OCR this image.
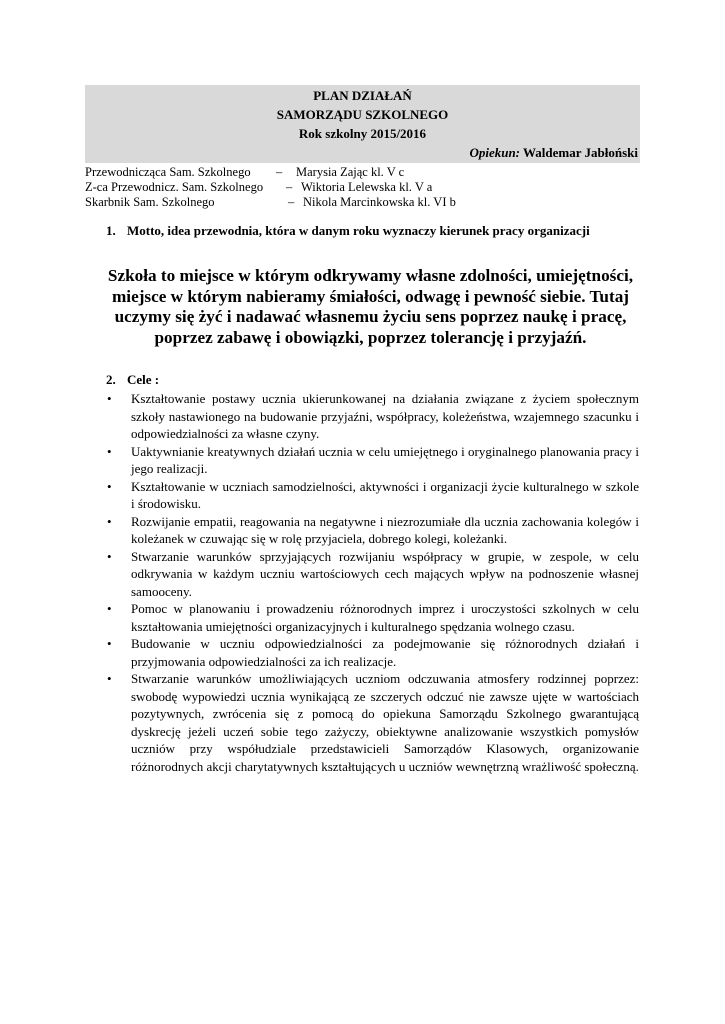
PLAN DZIAŁAŃ

SAMORZĄDU SZKOLNEGO

Rok szkolny 2015/2016

Opiekun: Waldemar Jabłoński
Przewodnicząca Sam. Szkolnego – Marysia Zając kl. V c
Z-ca Przewodnicz. Sam. Szkolnego – Wiktoria Lelewska kl. V a
Skarbnik Sam. Szkolnego	– Nikola Marcinkowska kl. VI b
1. Motto, idea przewodnia, która w danym roku wyznaczy kierunek pracy organizacji
Szkoła to miejsce w którym odkrywamy własne zdolności, umiejętności, miejsce w którym nabieramy śmiałości, odwagę i pewność siebie. Tutaj uczymy się żyć i nadawać własnemu życiu sens poprzez naukę i pracę, poprzez zabawę i obowiązki, poprzez tolerancję i przyjaźń.
2. Cele :
• Kształtowanie postawy ucznia ukierunkowanej na działania związane z życiem społecznym szkoły nastawionego na budowanie przyjaźni, współpracy, koleżeństwa, wzajemnego szacunku i odpowiedzialności za własne czyny.
• Uaktywnianie kreatywnych działań ucznia w celu umiejętnego i oryginalnego planowania pracy i jego realizacji.
• Kształtowanie w uczniach samodzielności, aktywności i organizacji życie kulturalnego w szkole i środowisku.
• Rozwijanie empatii, reagowania na negatywne i niezrozumiałe dla ucznia zachowania kolegów i koleżanek w czuwając się w rolę przyjaciela, dobrego kolegi, koleżanki.
• Stwarzanie warunków sprzyjających rozwijaniu współpracy w grupie, w zespole, w celu odkrywania w każdym uczniu wartościowych cech mających wpływ na podnoszenie własnej samooceny.
• Pomoc w planowaniu i prowadzeniu różnorodnych imprez i uroczystości szkolnych w celu kształtowania umiejętności organizacyjnych i kulturalnego spędzania wolnego czasu.
• Budowanie w uczniu odpowiedzialności za podejmowanie się różnorodnych działań i przyjmowania odpowiedzialności za ich realizacje.
• Stwarzanie warunków umożliwiających uczniom odczuwania atmosfery rodzinnej poprzez: swobodę wypowiedzi ucznia wynikającą ze szczerych odczuć nie zawsze ujęte w wartościach pozytywnych, zwrócenia się z pomocą do opiekuna Samorządu Szkolnego gwarantującą dyskrecję jeżeli uczeń sobie tego zażyczy, obiektywne analizowanie wszystkich pomysłów uczniów przy współudziale przedstawicieli Samorządów Klasowych, organizowanie różnorodnych akcji charytatywnych kształtujących u uczniów wewnętrzną wrażliwość społeczną.
